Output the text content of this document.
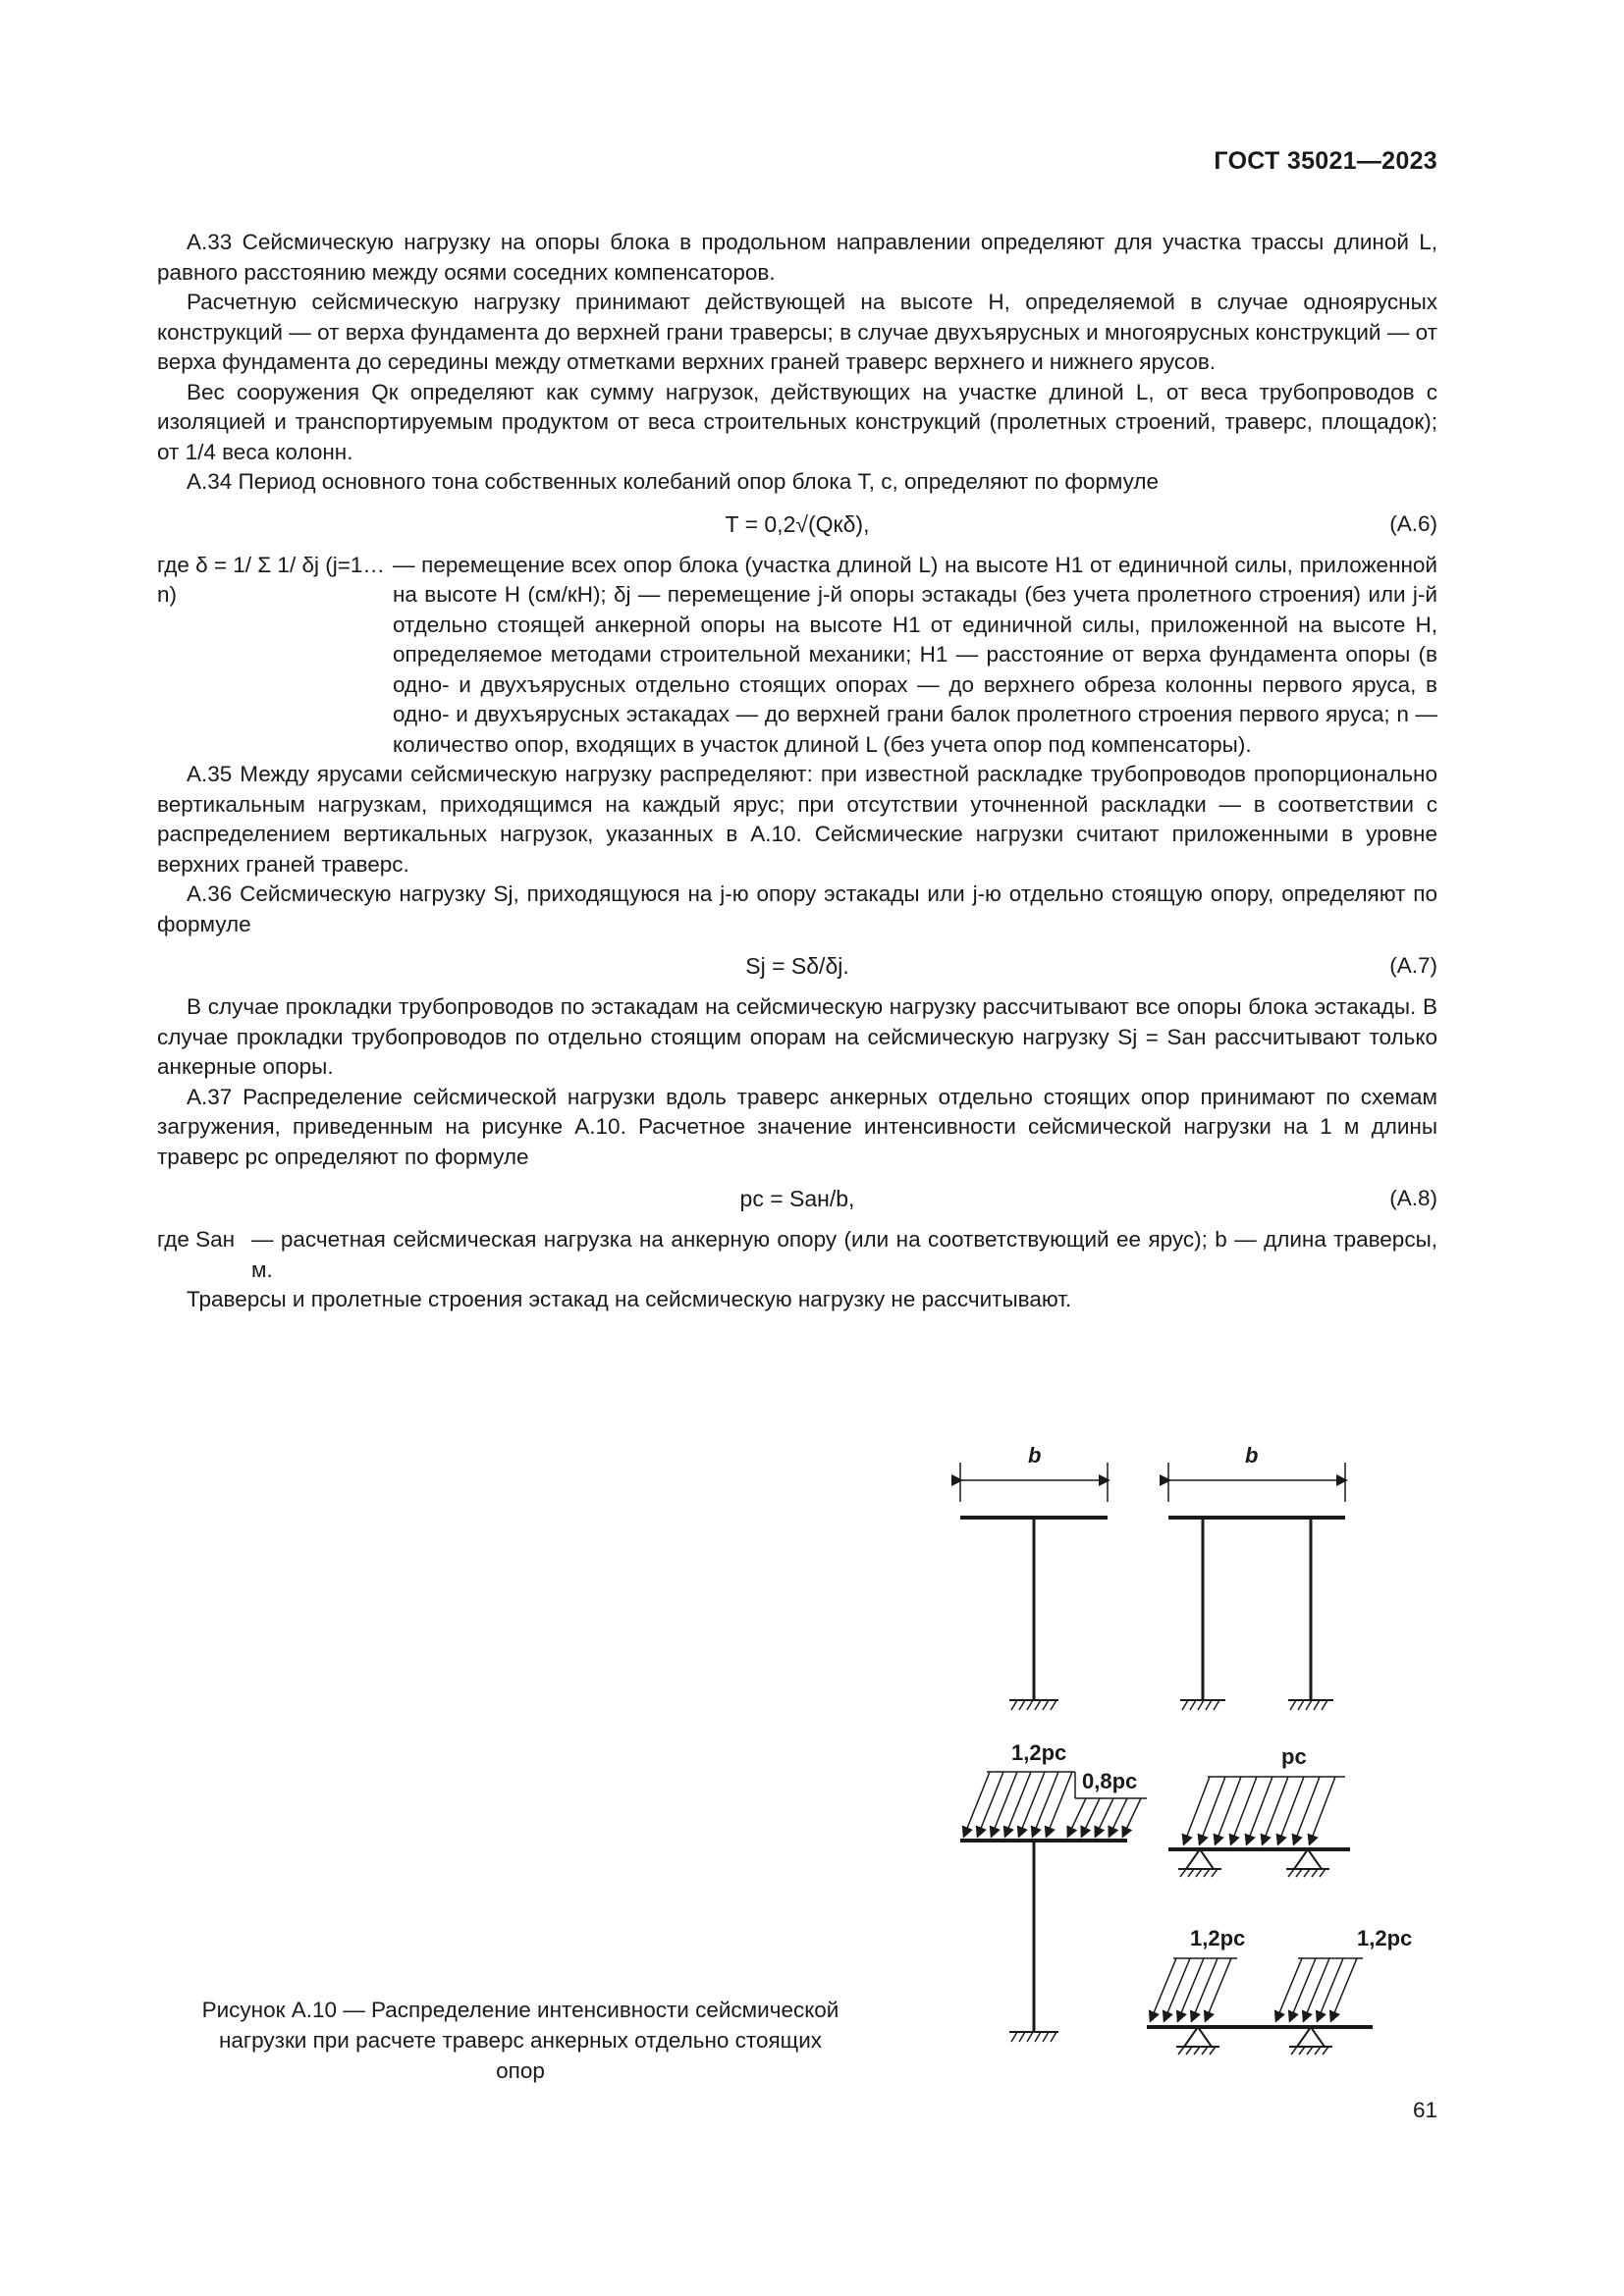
ГОСТ 35021—2023

А.33 Сейсмическую нагрузку на опоры блока в продольном направлении определяют для участка трассы длиной L, равного расстоянию между осями соседних компенсаторов.

Расчетную сейсмическую нагрузку принимают действующей на высоте H, определяемой в случае одноярусных конструкций — от верха фундамента до верхней грани траверсы; в случае двухъярусных и многоярусных конструкций — от верха фундамента до середины между отметками верхних граней траверс верхнего и нижнего ярусов.

Вес сооружения Qк определяют как сумму нагрузок, действующих на участке длиной L, от веса трубопроводов с изоляцией и транспортируемым продуктом от веса строительных конструкций (пролетных строений, траверс, площадок); от 1/4 веса колонн.

А.34 Период основного тона собственных колебаний опор блока T, c, определяют по формуле

T = 0,2√(Qкδ),	(А.6)
где δ = 1/ Σ 1/ δj (j=1…n)
— перемещение всех опор блока (участка длиной L) на высоте H1 от единичной силы, приложенной на высоте H (см/кН); δj — перемещение j-й опоры эстакады (без учета пролетного строения) или j-й отдельно стоящей анкерной опоры на высоте H1 от единичной силы, приложенной на высоте H, определяемое методами строительной механики; H1 — расстояние от верха фундамента опоры (в одно- и двухъярусных отдельно стоящих опорах — до верхнего обреза колонны первого яруса, в одно- и двухъярусных эстакадах — до верхней грани балок пролетного строения первого яруса; n — количество опор, входящих в участок длиной L (без учета опор под компенсаторы).

А.35 Между ярусами сейсмическую нагрузку распределяют: при известной раскладке трубопроводов пропорционально вертикальным нагрузкам, приходящимся на каждый ярус; при отсутствии уточненной раскладки — в соответствии с распределением вертикальных нагрузок, указанных в А.10. Сейсмические нагрузки считают приложенными в уровне верхних граней траверс.

А.36 Сейсмическую нагрузку Sj, приходящуюся на j-ю опору эстакады или j-ю отдельно стоящую опору, определяют по формуле

Sj = Sδ/δj.	(А.7)

В случае прокладки трубопроводов по эстакадам на сейсмическую нагрузку рассчитывают все опоры блока эстакады. В случае прокладки трубопроводов по отдельно стоящим опорам на сейсмическую нагрузку Sj = Sан рассчитывают только анкерные опоры.

А.37 Распределение сейсмической нагрузки вдоль траверс анкерных отдельно стоящих опор принимают по схемам загружения, приведенным на рисунке А.10. Расчетное значение интенсивности сейсмической нагрузки на 1 м длины траверс pc определяют по формуле

pc = Sан/b,	(А.8)
где Sан — расчетная сейсмическая нагрузка на анкерную опору (или на соответствующий ее ярус); b — длина траверсы, м.

Траверсы и пролетные строения эстакад на сейсмическую нагрузку не рассчитывают.

b	b
1,2pc
0,8pc
pc
1,2pc	1,2pc
Рисунок А.10 — Распределение интенсивности сейсмической нагрузки при расчете траверс анкерных отдельно стоящих опор
61
